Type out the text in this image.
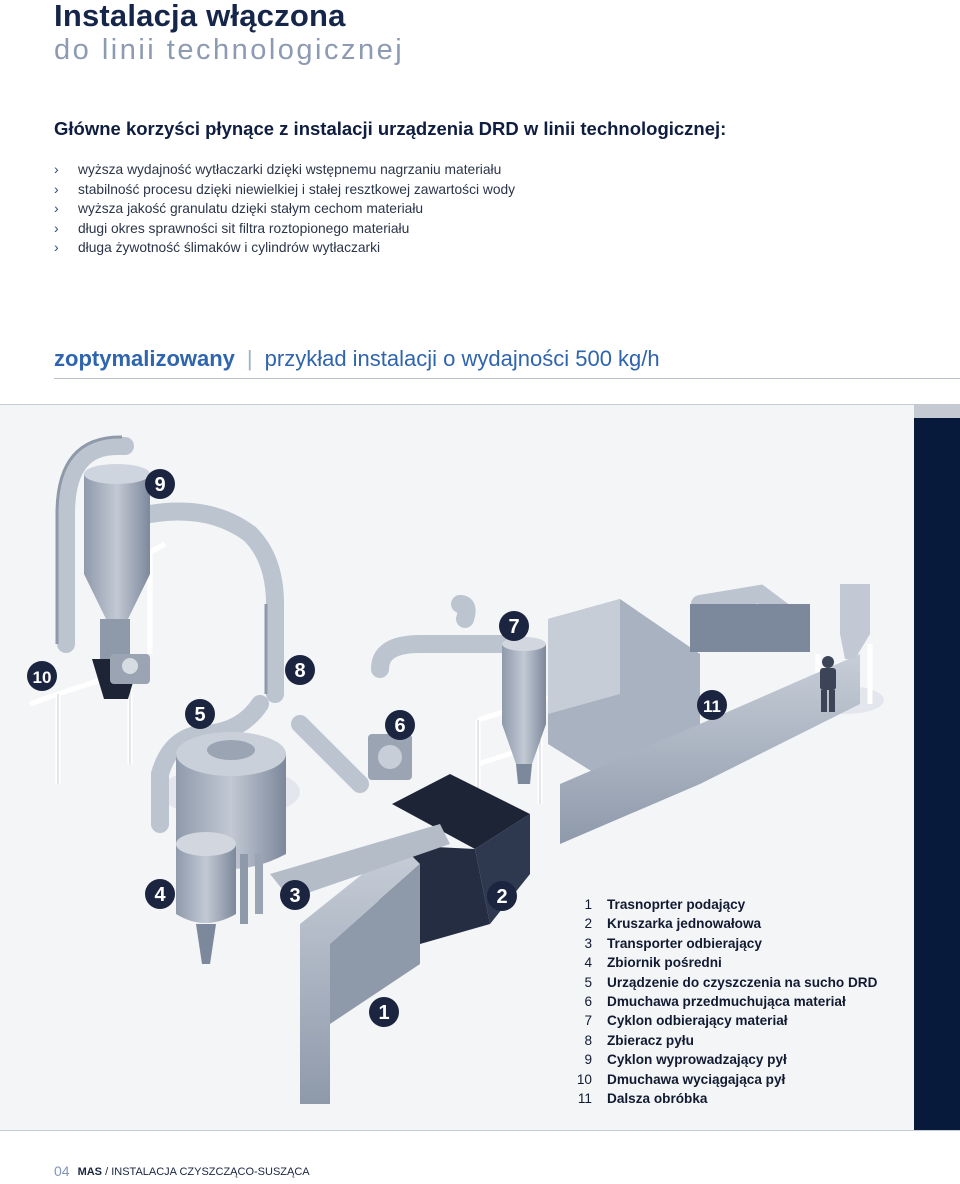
Instalacja włączona
do linii technologicznej
Główne korzyści płynące z instalacji urządzenia DRD w linii technologicznej:
› wyższa wydajność wytłaczarki dzięki wstępnemu nagrzaniu materiału
› stabilność procesu dzięki niewielkiej i stałej resztkowej zawartości wody
› wyższa jakość granulatu dzięki stałym cechom materiału
› długi okres sprawności sit filtra roztopionego materiału
› długa żywotność ślimaków i cylindrów wytłaczarki
zoptymalizowany | przykład instalacji o wydajności 500 kg/h
9
10	8
5	6
7
11
4	3	2
1
1 Trasnoprter podający
2 Kruszarka jednowałowa
3 Transporter odbierający
4 Zbiornik pośredni
5 Urządzenie do czyszczenia na sucho DRD
6 Dmuchawa przedmuchująca materiał
7 Cyklon odbierający materiał
8 Zbieracz pyłu
9 Cyklon wyprowadzający pył
10 Dmuchawa wyciągająca pył
11 Dalsza obróbka
04 MAS / INSTALACJA CZYSZCZĄCO-SUSZĄCA
